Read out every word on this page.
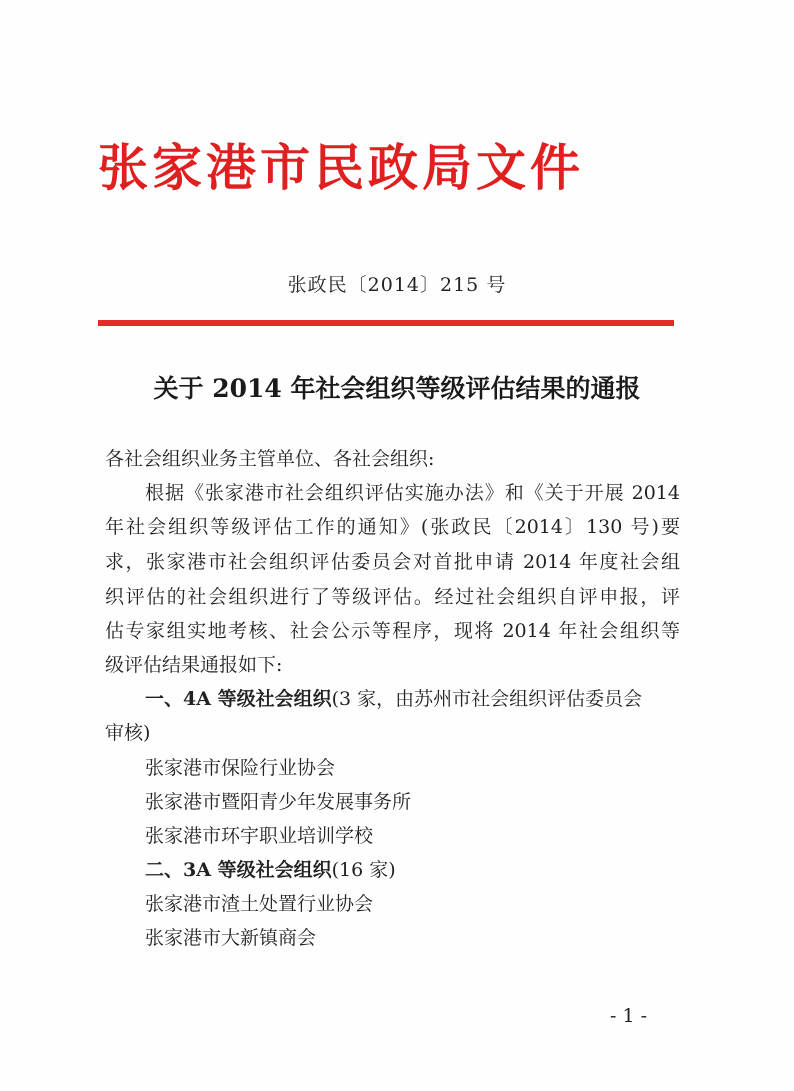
张家港市民政局文件
张政民〔2014〕215 号
关于 2014 年社会组织等级评估结果的通报
各社会组织业务主管单位、各社会组织:
根据《张家港市社会组织评估实施办法》和《关于开展 2014
年社会组织等级评估工作的通知》(张政民〔2014〕130 号)要
求，张家港市社会组织评估委员会对首批申请 2014 年度社会组
织评估的社会组织进行了等级评估。经过社会组织自评申报，评
估专家组实地考核、社会公示等程序，现将 2014 年社会组织等
级评估结果通报如下:
一、4A 等级社会组织(3 家，由苏州市社会组织评估委员会
审核)
张家港市保险行业协会
张家港市暨阳青少年发展事务所
张家港市环宇职业培训学校
二、3A 等级社会组织(16 家)
张家港市渣土处置行业协会
张家港市大新镇商会
- 1 -
